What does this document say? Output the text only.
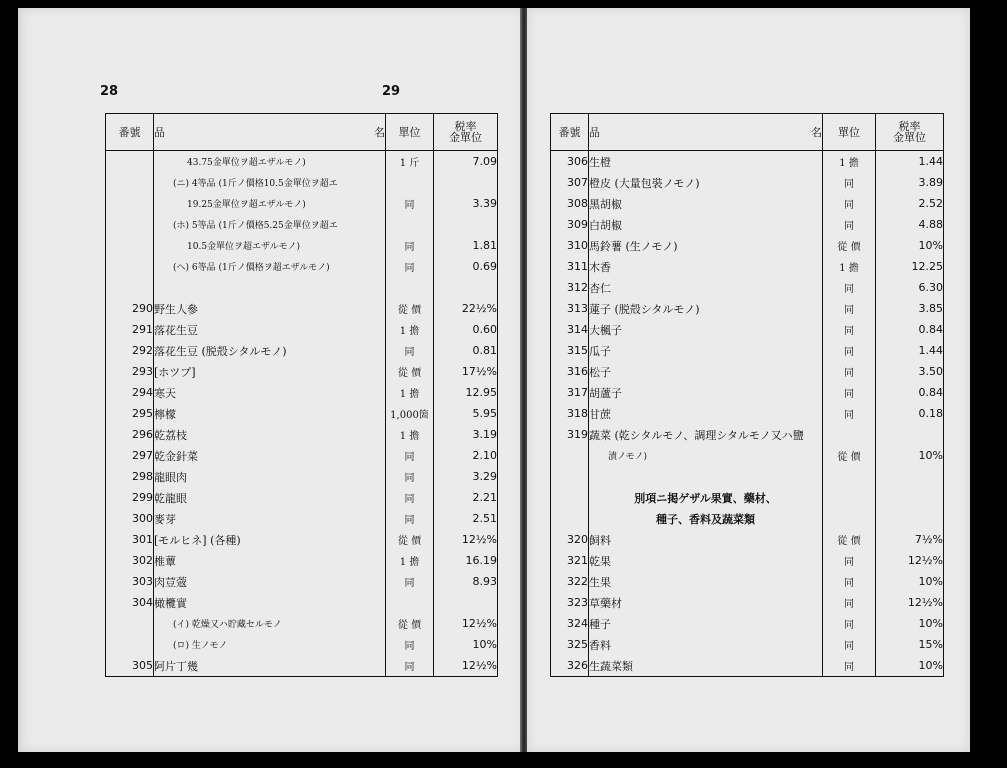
28	29
番號	品 名	單位	税率
金單位
	43.75金單位ヲ超エザルモノ)	1 斤	7.09
	(ニ) 4等品 (1斤ノ價格10.5金單位ヲ超エ		
	19.25金單位ヲ超エザルモノ)	同	3.39
	(ホ) 5等品 (1斤ノ價格5.25金單位ヲ超エ		
	10.5金單位ヲ超エザルモノ)	同	1.81
	(へ) 6等品 (1斤ノ價格ヲ超エザルモノ)	同	0.69

290	野生人參	從 價	22½%
291	落花生豆	1 擔	0.60
292	落花生豆 (脱殻シタルモノ)	同	0.81
293	[ホツプ]	從 價	17½%
294	寒天	1 擔	12.95
295	檸檬	1,000箇	5.95
296	乾荔枝	1 擔	3.19
297	乾金針菜	同	2.10
298	龍眼肉	同	3.29
299	乾龍眼	同	2.21
300	麥芽	同	2.51
301	[モルヒネ] (各種)	從 價	12½%
302	椎蕈	1 擔	16.19
303	肉荳蔲	同	8.93
304	橄欖實		
	(イ) 乾燥又ハ貯藏セルモノ	從 價	12½%
	(ロ) 生ノモノ	同	10%
305	阿片丁幾	同	12½%
番號	品 名	單位	税率
金單位
306	生橙	1 擔	1.44
307	橙皮 (大量包裝ノモノ)	同	3.89
308	黑胡椒	同	2.52
309	白胡椒	同	4.88
310	馬鈴薯 (生ノモノ)	從 價	10%
311	木香	1 擔	12.25
312	杏仁	同	6.30
313	蓮子 (脱殻シタルモノ)	同	3.85
314	大楓子	同	0.84
315	瓜子	同	1.44
316	松子	同	3.50
317	胡蘆子	同	0.84
318	甘蔗	同	0.18
319	蔬菜 (乾シタルモノ、調理シタルモノ又ハ鹽		
	漬ノモノ)	從 價	10%

	別項ニ掲ゲザル果實、藥材、		
	種子、香料及蔬菜類		
320	飼料	從 價	7½%
321	乾果	同	12½%
322	生果	同	10%
323	草藥材	同	12½%
324	種子	同	10%
325	香料	同	15%
326	生蔬菜類	同	10%
